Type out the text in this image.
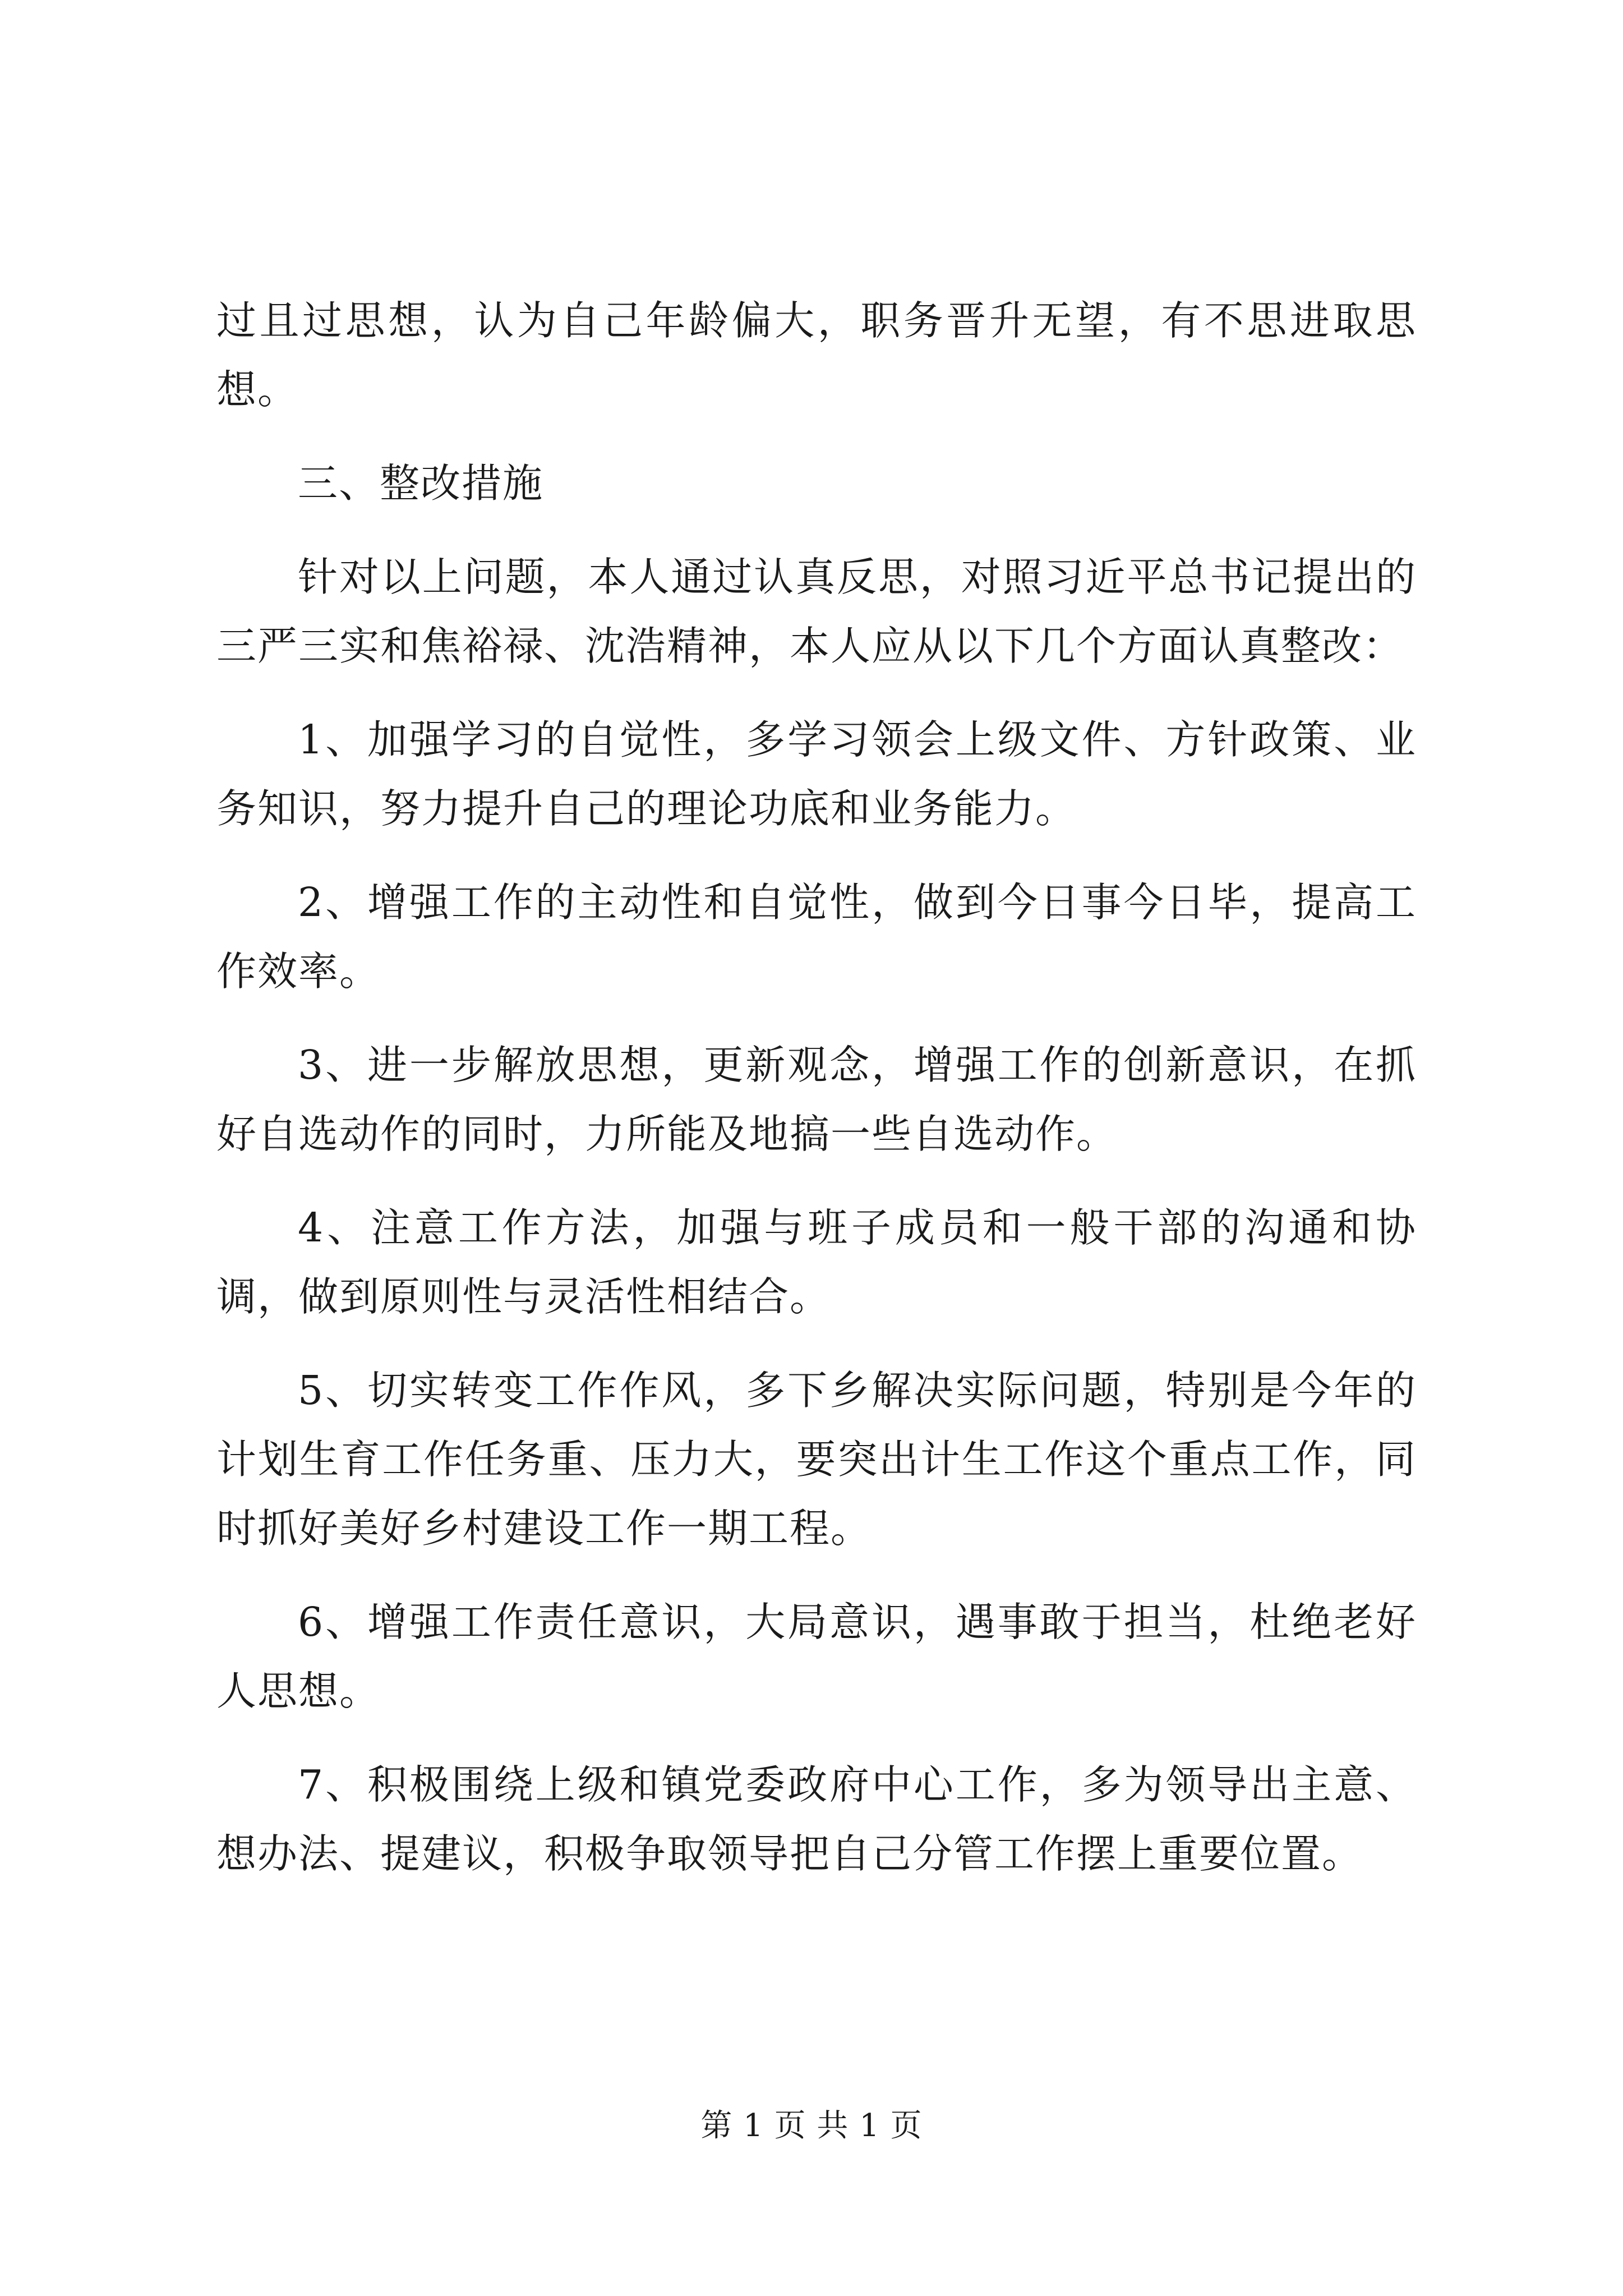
过且过思想，认为自己年龄偏大，职务晋升无望，有不思进取思想。

三、整改措施

针对以上问题，本人通过认真反思，对照习近平总书记提出的三严三实和焦裕禄、沈浩精神，本人应从以下几个方面认真整改：

1、加强学习的自觉性，多学习领会上级文件、方针政策、业务知识，努力提升自己的理论功底和业务能力。

2、增强工作的主动性和自觉性，做到今日事今日毕，提高工作效率。

3、进一步解放思想，更新观念，增强工作的创新意识，在抓好自选动作的同时，力所能及地搞一些自选动作。

4、注意工作方法，加强与班子成员和一般干部的沟通和协调，做到原则性与灵活性相结合。

5、切实转变工作作风，多下乡解决实际问题，特别是今年的计划生育工作任务重、压力大，要突出计生工作这个重点工作，同时抓好美好乡村建设工作一期工程。

6、增强工作责任意识，大局意识，遇事敢于担当，杜绝老好人思想。

7、积极围绕上级和镇党委政府中心工作，多为领导出主意、想办法、提建议，积极争取领导把自己分管工作摆上重要位置。

第 1 页 共 1 页
